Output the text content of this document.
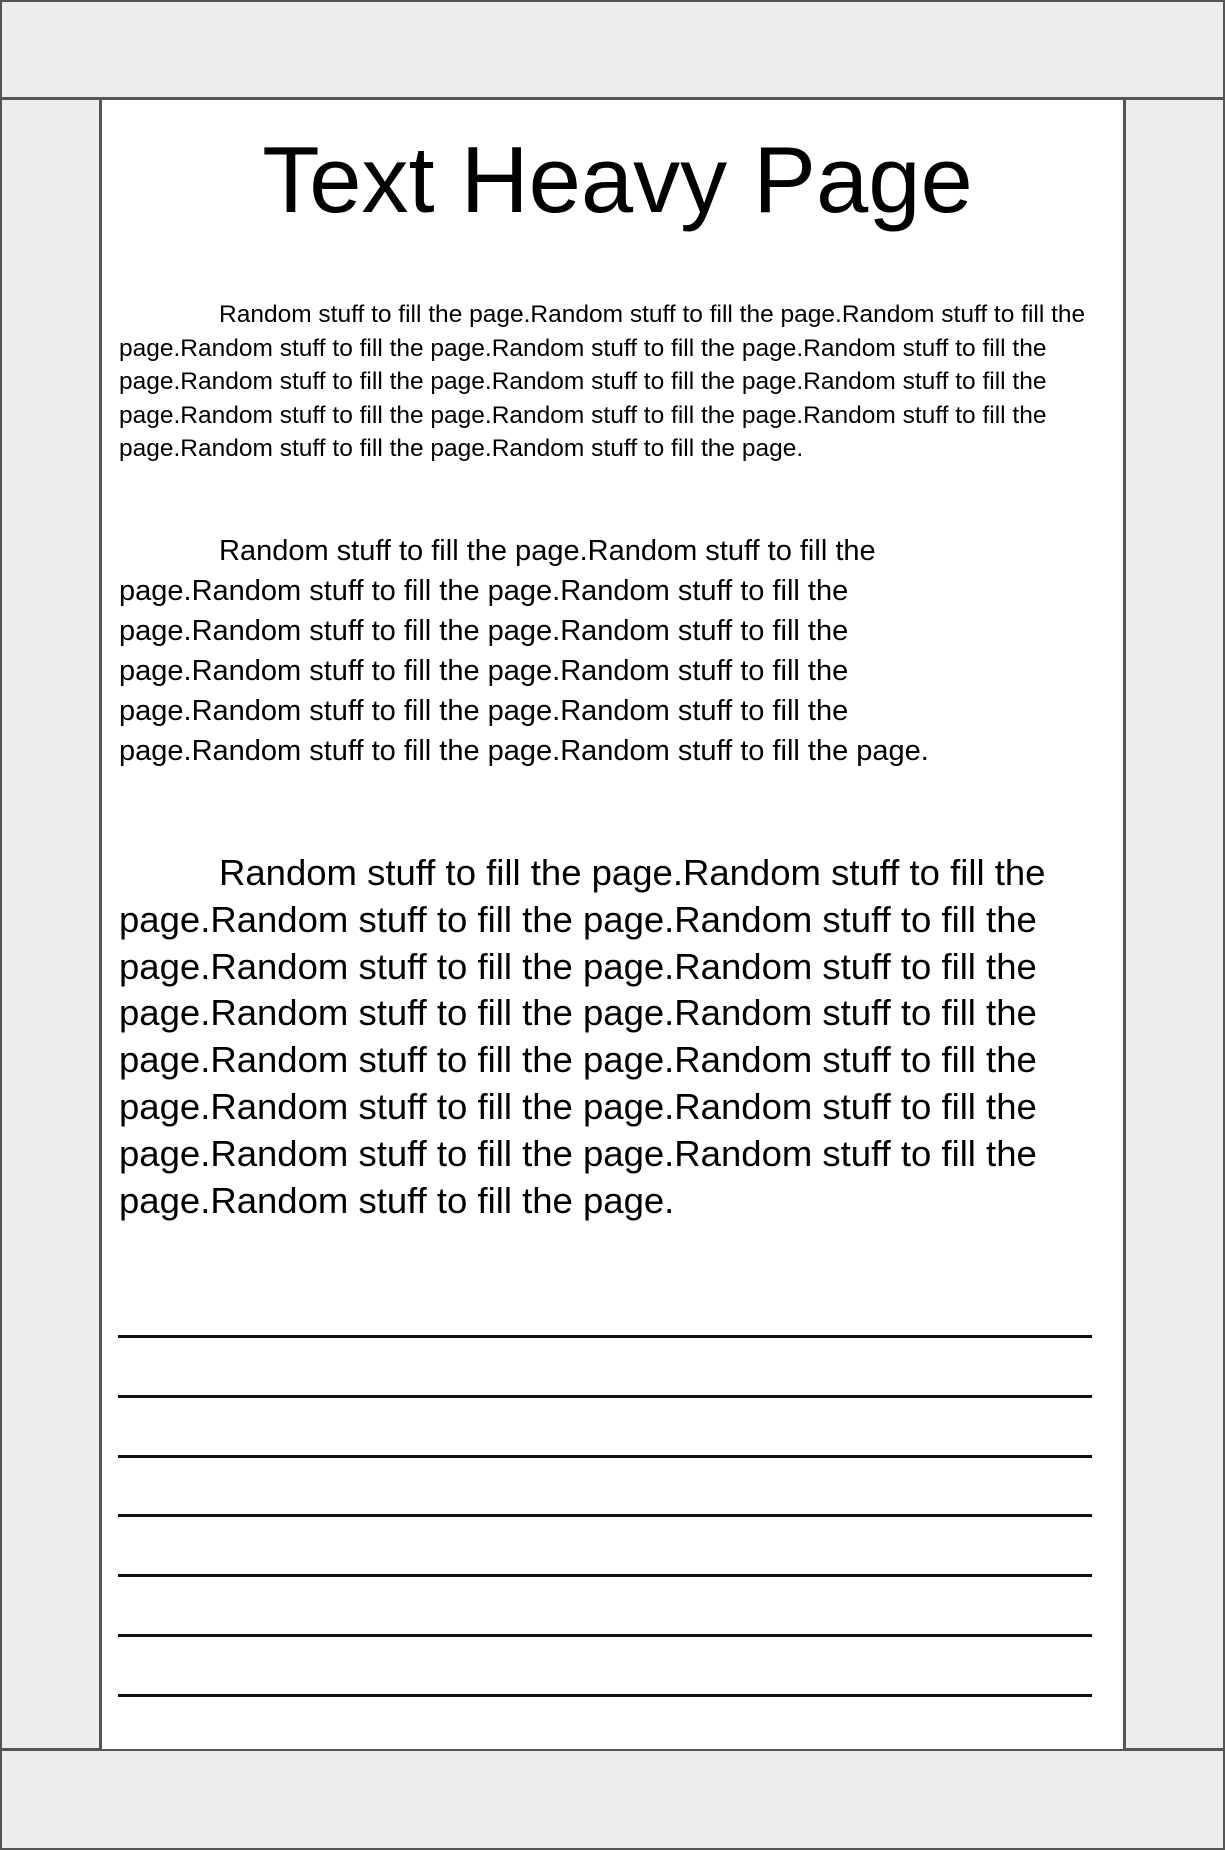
Text Heavy Page

Random stuff to fill the page.Random stuff to fill the page.Random stuff to fill the page.Random stuff to fill the page.Random stuff to fill the page.Random stuff to fill the page.Random stuff to fill the page.Random stuff to fill the page.Random stuff to fill the page.Random stuff to fill the page.Random stuff to fill the page.Random stuff to fill the page.Random stuff to fill the page.Random stuff to fill the page.

Random stuff to fill the page.Random stuff to fill the page.Random stuff to fill the page.Random stuff to fill the page.Random stuff to fill the page.Random stuff to fill the page.Random stuff to fill the page.Random stuff to fill the page.Random stuff to fill the page.Random stuff to fill the page.Random stuff to fill the page.Random stuff to fill the page.

Random stuff to fill the page.Random stuff to fill the page.Random stuff to fill the page.Random stuff to fill the page.Random stuff to fill the page.Random stuff to fill the page.Random stuff to fill the page.Random stuff to fill the page.Random stuff to fill the page.Random stuff to fill the page.Random stuff to fill the page.Random stuff to fill the page.Random stuff to fill the page.Random stuff to fill the page.Random stuff to fill the page.
